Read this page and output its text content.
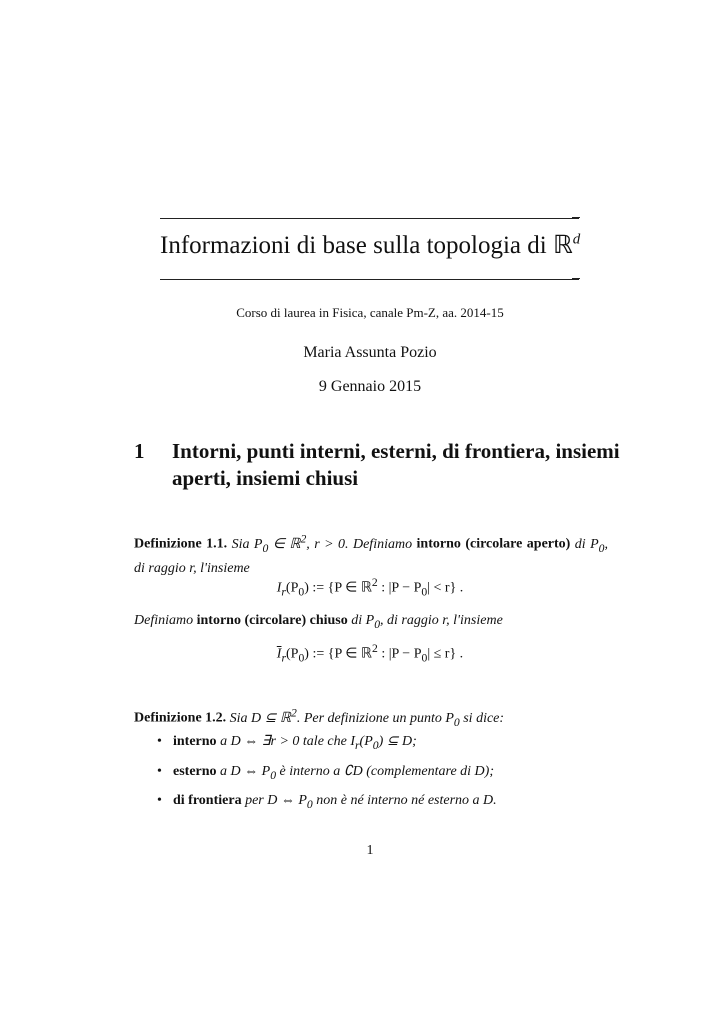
Informazioni di base sulla topologia di ℝ$^d$
Corso di laurea in Fisica, canale Pm-Z, aa. 2014-15
Maria Assunta Pozio
9 Gennaio 2015
1 Intorni, punti interni, esterni, di frontiera, insiemi aperti, insiemi chiusi
Definizione 1.1. Sia $P_0$ ∈ ℝ$^2$, r > 0. Definiamo intorno (circolare aperto) di $P_0$, di raggio r, l'insieme
$I_r(P_0)$ := {P ∈ ℝ$^2$ : $|P - P_0| < r$} .
Definiamo intorno (circolare) chiuso di $P_0$, di raggio r, l'insieme
$\overline{I}_r(P_0)$ := {P ∈ ℝ$^2$ : $|P - P_0| \le r$} .
Definizione 1.2. Sia D ⊆ ℝ$^2$. Per definizione un punto $P_0$ si dice:
• interno a D ⇔ ∃r > 0 tale che $I_r(P_0)$ ⊆ D;
• esterno a D ⇔ $P_0$ è interno a ∁D (complementare di D);
• di frontiera per D ⇔ $P_0$ non è né interno né esterno a D.
1
